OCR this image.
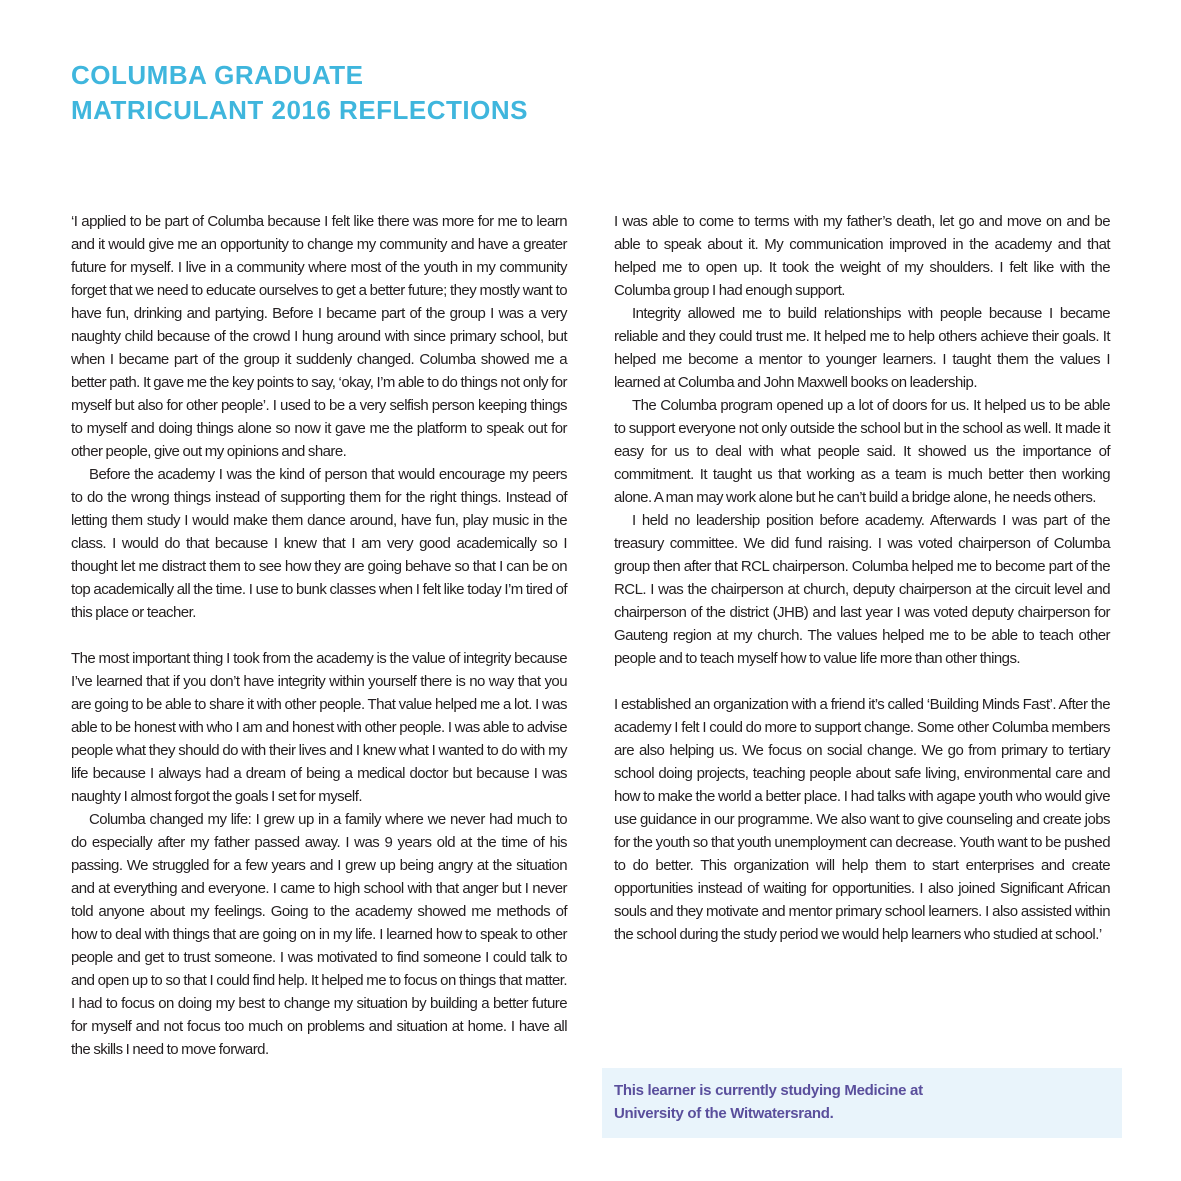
COLUMBA GRADUATE
MATRICULANT 2016 REFLECTIONS

‘I applied to be part of Columba because I felt like there was more for me to learn and it would give me an opportunity to change my community and have a greater future for myself. I live in a community where most of the youth in my community forget that we need to educate ourselves to get a better future; they mostly want to have fun, drinking and partying. Before I became part of the group I was a very naughty child because of the crowd I hung around with since primary school, but when I became part of the group it suddenly changed. Columba showed me a better path. It gave me the key points to say, ‘okay, I’m able to do things not only for myself but also for other people’. I used to be a very selfish person keeping things to myself and doing things alone so now it gave me the platform to speak out for other people, give out my opinions and share.

Before the academy I was the kind of person that would encourage my peers to do the wrong things instead of supporting them for the right things. Instead of letting them study I would make them dance around, have fun, play music in the class. I would do that because I knew that I am very good academically so I thought let me distract them to see how they are going behave so that I can be on top academically all the time. I use to bunk classes when I felt like today I’m tired of this place or teacher.

The most important thing I took from the academy is the value of integrity because I’ve learned that if you don’t have integrity within yourself there is no way that you are going to be able to share it with other people. That value helped me a lot. I was able to be honest with who I am and honest with other people. I was able to advise people what they should do with their lives and I knew what I wanted to do with my life because I always had a dream of being a medical doctor but because I was naughty I almost forgot the goals I set for myself.

Columba changed my life: I grew up in a family where we never had much to do especially after my father passed away. I was 9 years old at the time of his passing. We struggled for a few years and I grew up being angry at the situation and at everything and everyone. I came to high school with that anger but I never told anyone about my feelings. Going to the academy showed me methods of how to deal with things that are going on in my life. I learned how to speak to other people and get to trust someone. I was motivated to find someone I could talk to and open up to so that I could find help. It helped me to focus on things that matter. I had to focus on doing my best to change my situation by building a better future for myself and not focus too much on problems and situation at home. I have all the skills I need to move forward.

I was able to come to terms with my father’s death, let go and move on and be able to speak about it. My communication improved in the academy and that helped me to open up. It took the weight of my shoulders. I felt like with the Columba group I had enough support.

Integrity allowed me to build relationships with people because I became reliable and they could trust me. It helped me to help others achieve their goals. It helped me become a mentor to younger learners. I taught them the values I learned at Columba and John Maxwell books on leadership.

The Columba program opened up a lot of doors for us. It helped us to be able to support everyone not only outside the school but in the school as well. It made it easy for us to deal with what people said. It showed us the importance of commitment. It taught us that working as a team is much better then working alone. A man may work alone but he can’t build a bridge alone, he needs others.

I held no leadership position before academy. Afterwards I was part of the treasury committee. We did fund raising. I was voted chairperson of Columba group then after that RCL chairperson. Columba helped me to become part of the RCL. I was the chairperson at church, deputy chairperson at the circuit level and chairperson of the district (JHB) and last year I was voted deputy chairperson for Gauteng region at my church. The values helped me to be able to teach other people and to teach myself how to value life more than other things.

I established an organization with a friend it’s called ‘Building Minds Fast’. After the academy I felt I could do more to support change. Some other Columba members are also helping us. We focus on social change. We go from primary to tertiary school doing projects, teaching people about safe living, environmental care and how to make the world a better place. I had talks with agape youth who would give use guidance in our programme. We also want to give counseling and create jobs for the youth so that youth unemployment can decrease. Youth want to be pushed to do better. This organization will help them to start enterprises and create opportunities instead of waiting for opportunities. I also joined Significant African souls and they motivate and mentor primary school learners. I also assisted within the school during the study period we would help learners who studied at school.’

This learner is currently studying Medicine at
University of the Witwatersrand.
